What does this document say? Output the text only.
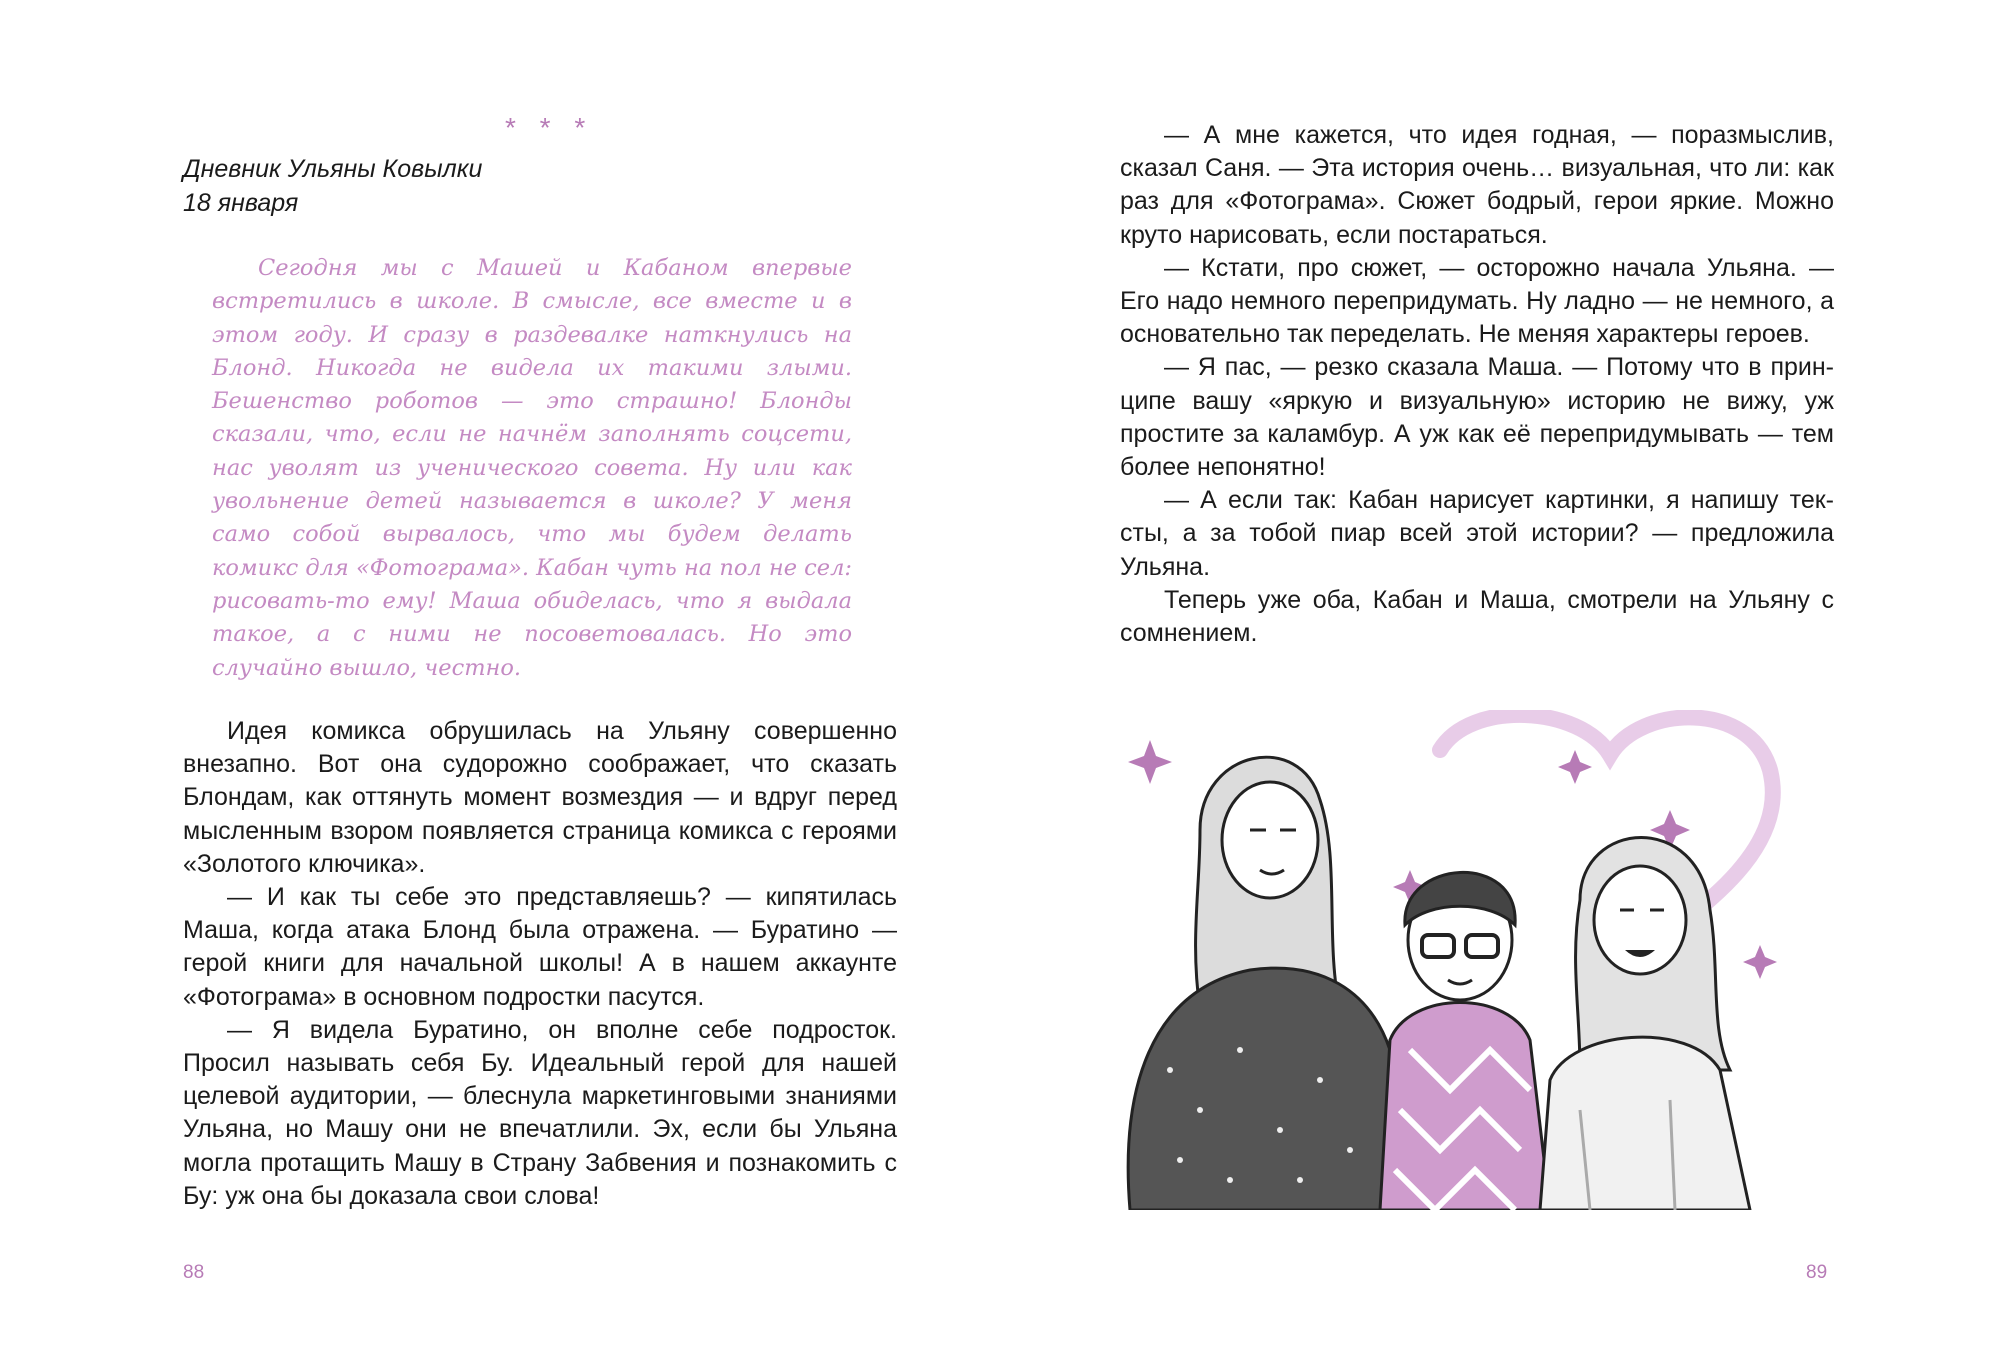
* * *
Дневник Ульяны Ковылки
18 января

Сегодня мы с Машей и Кабаном впервые встретились в школе. В смысле, все вместе и в этом году. И сразу в раздевалке наткнулись на Блонд. Никогда не видела их такими злыми. Бешенство роботов — это страшно! Блонды сказали, что, если не начнём заполнять соцсети, нас уволят из ученического совета. Ну или как увольнение детей называется в школе? У меня само собой вырвалось, что мы будем делать комикс для «Фотограма». Кабан чуть на пол не сел: рисовать-то ему! Маша обиделась, что я выдала такое, а с ними не посоветовалась. Но это случайно вышло, честно.

Идея комикса обрушилась на Ульяну совершенно внезапно. Вот она судорожно соображает, что сказать Блондам, как оттянуть момент возмездия — и вдруг перед мысленным взором появляется страница комикса с героями «Золотого ключика».

— И как ты себе это представляешь? — кипятилась Маша, когда атака Блонд была отражена. — Буратино — герой книги для начальной школы! А в нашем аккаунте «Фотограма» в основном подростки пасутся.

— Я видела Буратино, он вполне себе подросток. Просил называть себя Бу. Идеальный герой для нашей целевой аудитории, — блеснула маркетинговыми знаниями Ульяна, но Машу они не впечатлили. Эх, если бы Ульяна могла протащить Машу в Страну Забвения и познакомить с Бу: уж она бы доказала свои слова!

88

— А мне кажется, что идея годная, — поразмыслив, сказал Саня. — Эта история очень… визуальная, что ли: как раз для «Фотограма». Сюжет бодрый, герои яркие. Можно круто нарисовать, если постараться.

— Кстати, про сюжет, — осторожно начала Ульяна. — Его надо немного перепридумать. Ну ладно — не немного, а основательно так переделать. Не меняя характеры героев.

— Я пас, — резко сказала Маша. — Потому что в принципе вашу «яркую и визуальную» историю не вижу, уж простите за каламбур. А уж как её перепридумывать — тем более непонятно!

— А если так: Кабан нарисует картинки, я напишу тексты, а за тобой пиар всей этой истории? — предложила Ульяна.

Теперь уже оба, Кабан и Маша, смотрели на Ульяну с сомнением.

89
